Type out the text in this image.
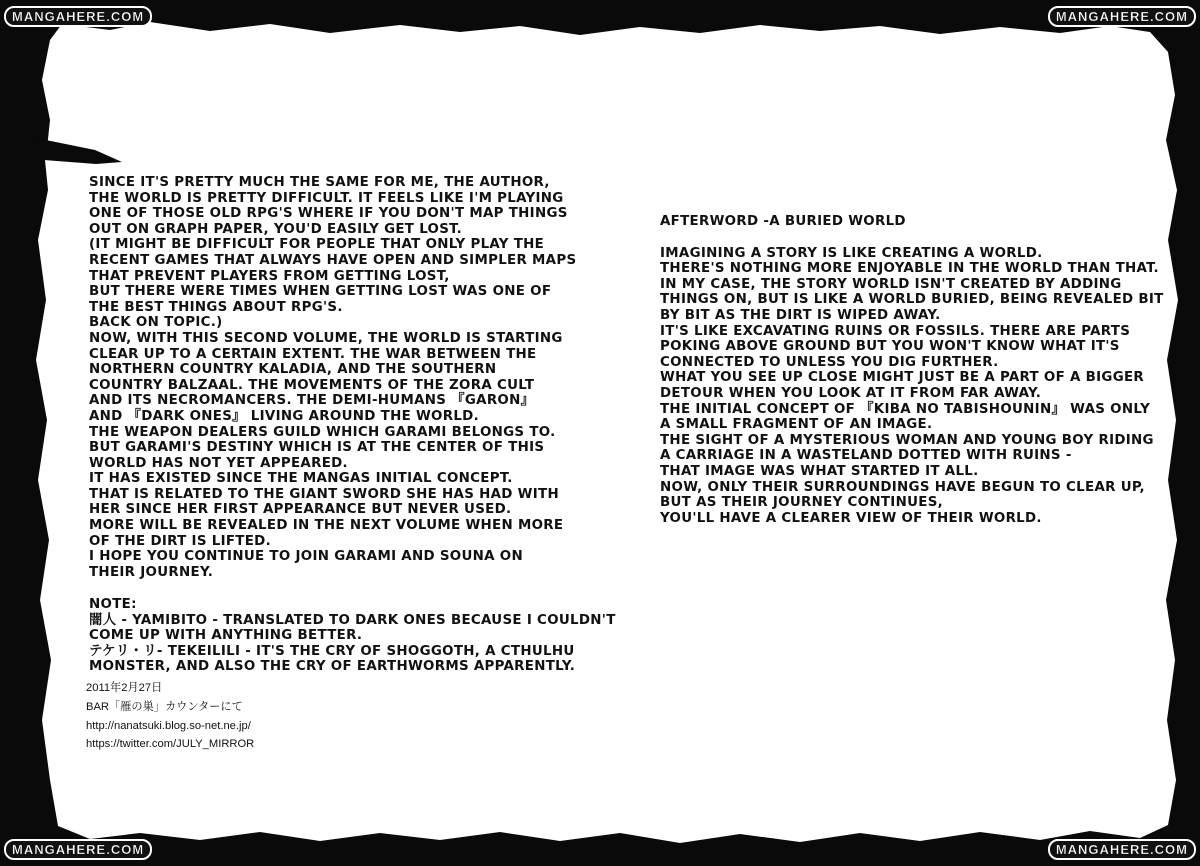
MANGAHERE.COM	MANGAHERE.COM
MANGAHERE.COM	MANGAHERE.COM
SINCE IT'S PRETTY MUCH THE SAME FOR ME, THE AUTHOR,
THE WORLD IS PRETTY DIFFICULT. IT FEELS LIKE I'M PLAYING
ONE OF THOSE OLD RPG'S WHERE IF YOU DON'T MAP THINGS
OUT ON GRAPH PAPER, YOU'D EASILY GET LOST.
(IT MIGHT BE DIFFICULT FOR PEOPLE THAT ONLY PLAY THE
RECENT GAMES THAT ALWAYS HAVE OPEN AND SIMPLER MAPS
THAT PREVENT PLAYERS FROM GETTING LOST,
BUT THERE WERE TIMES WHEN GETTING LOST WAS ONE OF
THE BEST THINGS ABOUT RPG'S.
BACK ON TOPIC.)
NOW, WITH THIS SECOND VOLUME, THE WORLD IS STARTING
CLEAR UP TO A CERTAIN EXTENT. THE WAR BETWEEN THE
NORTHERN COUNTRY KALADIA, AND THE SOUTHERN
COUNTRY BALZAAL. THE MOVEMENTS OF THE ZORA CULT
AND ITS NECROMANCERS. THE DEMI-HUMANS 『GARON』
AND 『DARK ONES』 LIVING AROUND THE WORLD.
THE WEAPON DEALERS GUILD WHICH GARAMI BELONGS TO.
BUT GARAMI'S DESTINY WHICH IS AT THE CENTER OF THIS
WORLD HAS NOT YET APPEARED.
IT HAS EXISTED SINCE THE MANGAS INITIAL CONCEPT.
THAT IS RELATED TO THE GIANT SWORD SHE HAS HAD WITH
HER SINCE HER FIRST APPEARANCE BUT NEVER USED.
MORE WILL BE REVEALED IN THE NEXT VOLUME WHEN MORE
OF THE DIRT IS LIFTED.
I HOPE YOU CONTINUE TO JOIN GARAMI AND SOUNA ON
THEIR JOURNEY.
NOTE:
闇人 - YAMIBITO - TRANSLATED TO DARK ONES BECAUSE I COULDN'T
COME UP WITH ANYTHING BETTER.
テケリ・リ- TEKEILILI - IT'S THE CRY OF SHOGGOTH, A CTHULHU
MONSTER, AND ALSO THE CRY OF EARTHWORMS APPARENTLY.
2011年2月27日
BAR「雁の巣」カウンターにて
http://nanatsuki.blog.so-net.ne.jp/
https://twitter.com/JULY_MIRROR
AFTERWORD -A BURIED WORLD
IMAGINING A STORY IS LIKE CREATING A WORLD.
THERE'S NOTHING MORE ENJOYABLE IN THE WORLD THAN THAT.
IN MY CASE, THE STORY WORLD ISN'T CREATED BY ADDING
THINGS ON, BUT IS LIKE A WORLD BURIED, BEING REVEALED BIT
BY BIT AS THE DIRT IS WIPED AWAY.
IT'S LIKE EXCAVATING RUINS OR FOSSILS. THERE ARE PARTS
POKING ABOVE GROUND BUT YOU WON'T KNOW WHAT IT'S
CONNECTED TO UNLESS YOU DIG FURTHER.
WHAT YOU SEE UP CLOSE MIGHT JUST BE A PART OF A BIGGER
DETOUR WHEN YOU LOOK AT IT FROM FAR AWAY.
THE INITIAL CONCEPT OF 『KIBA NO TABISHOUNIN』 WAS ONLY
A SMALL FRAGMENT OF AN IMAGE.
THE SIGHT OF A MYSTERIOUS WOMAN AND YOUNG BOY RIDING
A CARRIAGE IN A WASTELAND DOTTED WITH RUINS -
THAT IMAGE WAS WHAT STARTED IT ALL.
NOW, ONLY THEIR SURROUNDINGS HAVE BEGUN TO CLEAR UP,
BUT AS THEIR JOURNEY CONTINUES,
YOU'LL HAVE A CLEARER VIEW OF THEIR WORLD.
